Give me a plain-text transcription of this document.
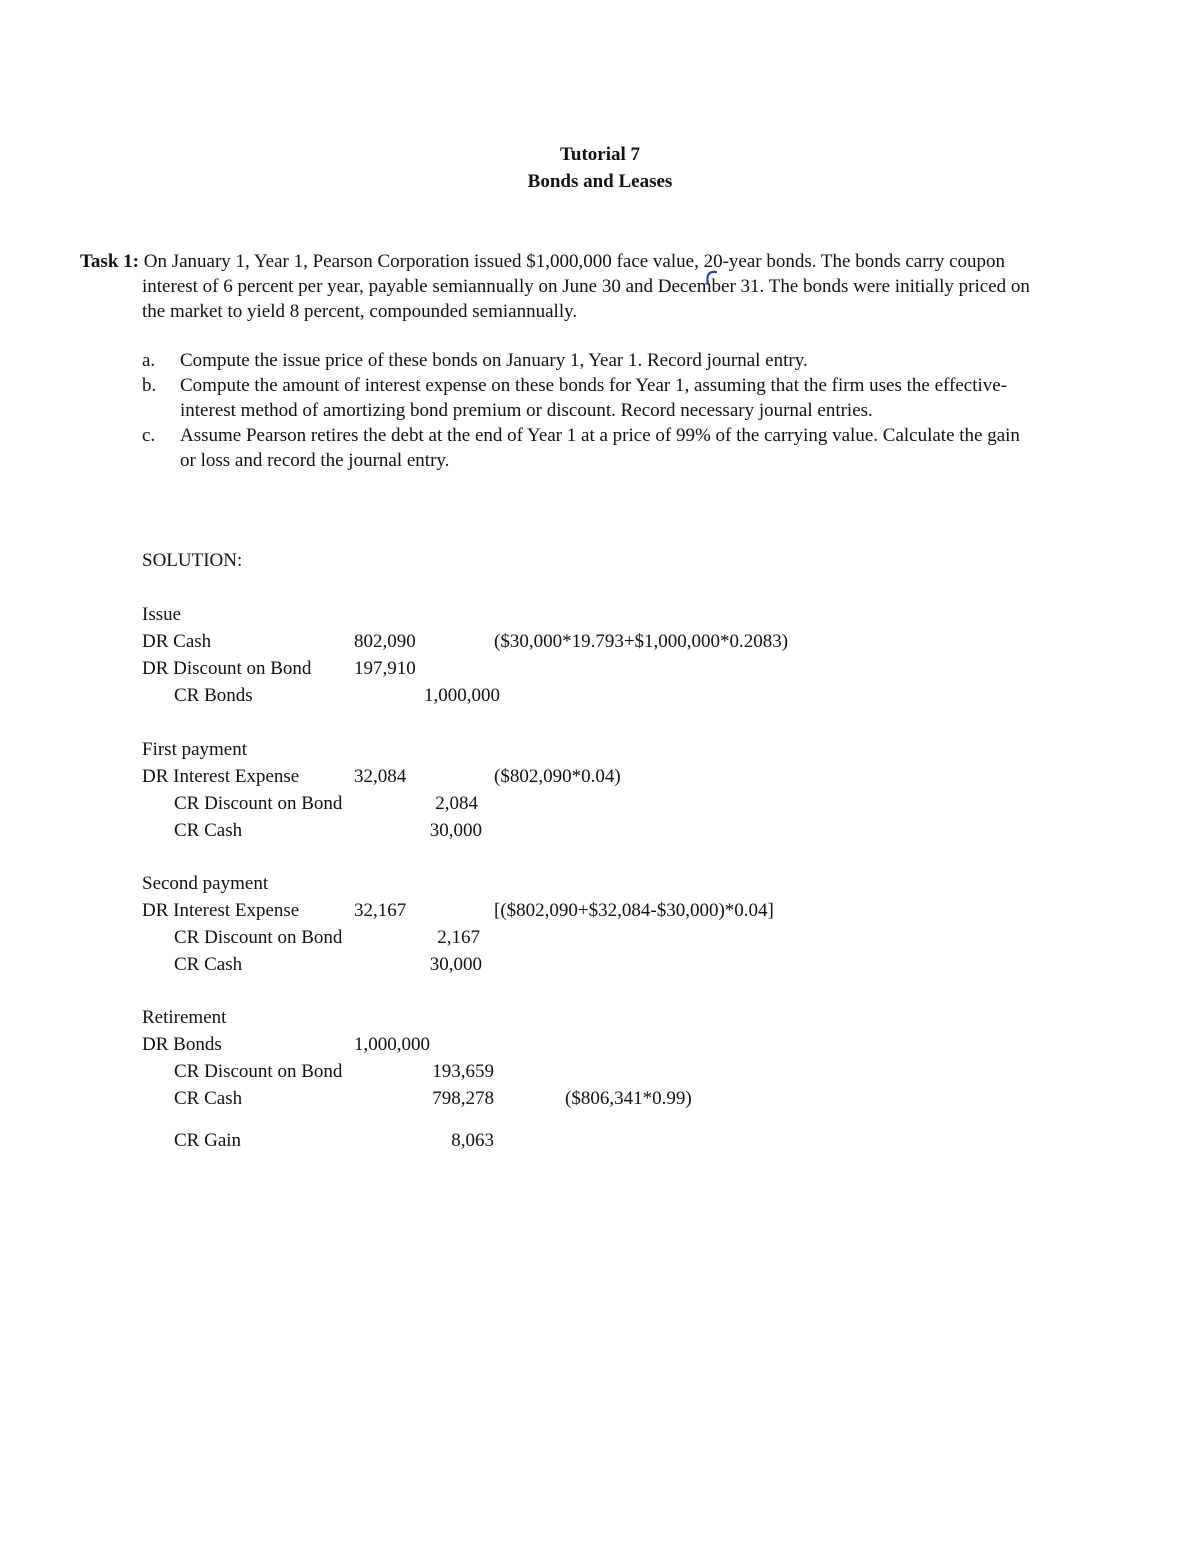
Tutorial 7
Bonds and Leases
Task 1: On January 1, Year 1, Pearson Corporation issued $1,000,000 face value, 20-year bonds. The bonds carry coupon interest of 6 percent per year, payable semiannually on June 30 and December 31. The bonds were initially priced on the market to yield 8 percent, compounded semiannually.
a.	Compute the issue price of these bonds on January 1, Year 1. Record journal entry.
b.	Compute the amount of interest expense on these bonds for Year 1, assuming that the firm uses the effective-interest method of amortizing bond premium or discount. Record necessary journal entries.
c.	Assume Pearson retires the debt at the end of Year 1 at a price of 99% of the carrying value. Calculate the gain or loss and record the journal entry.
SOLUTION:
Issue
DR Cash	802,090	($30,000*19.793+$1,000,000*0.2083)
DR Discount on Bond 197,910
CR Bonds	1,000,000
First payment
DR Interest Expense	32,084	($802,090*0.04)
CR Discount on Bond	2,084
CR Cash	30,000
Second payment
DR Interest Expense	32,167	[($802,090+$32,084-$30,000)*0.04]
CR Discount on Bond	2,167
CR Cash	30,000
Retirement
DR Bonds	1,000,000
CR Discount on Bond	193,659
CR Cash	798,278	($806,341*0.99)
CR Gain	8,063
